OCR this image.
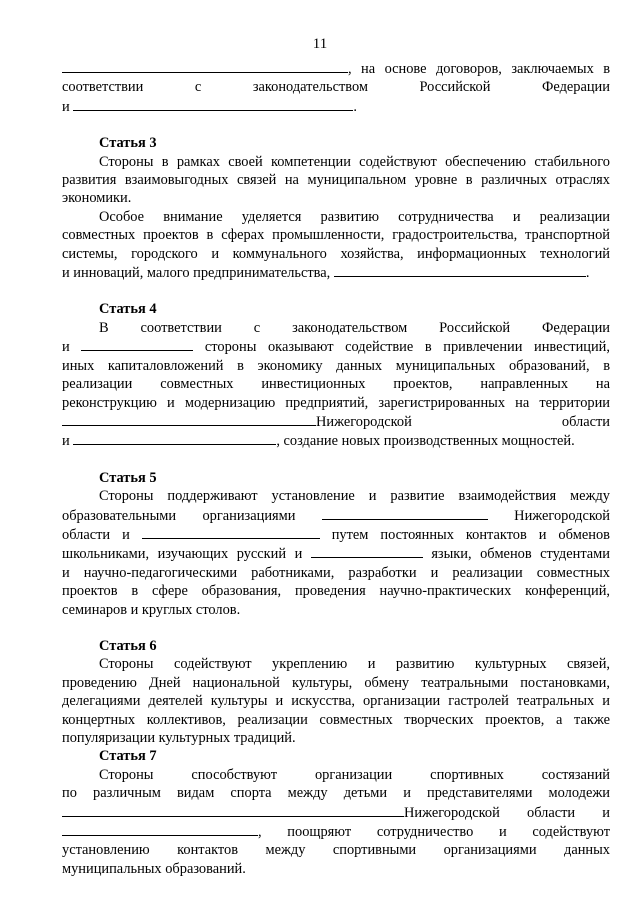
11
, на основе договоров, заключаемых в
соответствии	с	законодательством	Российской	Федерации
и	.
Статья 3
Стороны в рамках своей компетенции содействуют обеспечению стабильного
развития взаимовыгодных связей на муниципальном уровне в различных отраслях
экономики.
Особое внимание уделяется развитию сотрудничества и реализации
совместных проектов в сферах промышленности, градостроительства, транспортной
системы, городского и коммунального хозяйства, информационных технологий
и инноваций, малого предпринимательства,	.
Статья 4
В соответствии с законодательством Российской Федерации
и	стороны оказывают содействие в привлечении инвестиций,
иных капиталовложений в экономику данных муниципальных образований, в
реализации совместных инвестиционных проектов, направленных на
реконструкцию и модернизацию предприятий, зарегистрированных на территории
Нижегородской	области
и	, создание новых производственных мощностей.
Статья 5
Стороны поддерживают установление и развитие взаимодействия между
образовательными организациями	Нижегородской
области и	путем постоянных контактов и обменов
школьниками, изучающих русский и	языки, обменов студентами
и научно-педагогическими работниками, разработки и реализации совместных
проектов в сфере образования, проведения научно-практических конференций,
семинаров и круглых столов.
Статья 6
Стороны содействуют укреплению и развитию культурных связей,
проведению Дней национальной культуры, обмену театральными постановками,
делегациями деятелей культуры и искусства, организации гастролей театральных и
концертных коллективов, реализации совместных творческих проектов, а также
популяризации культурных традиций.
Статья 7
Стороны способствуют организации спортивных состязаний
по различным видам спорта между детьми и представителями молодежи
Нижегородской области и
, поощряют сотрудничество и содействуют
установлению контактов между спортивными организациями данных
муниципальных образований.
